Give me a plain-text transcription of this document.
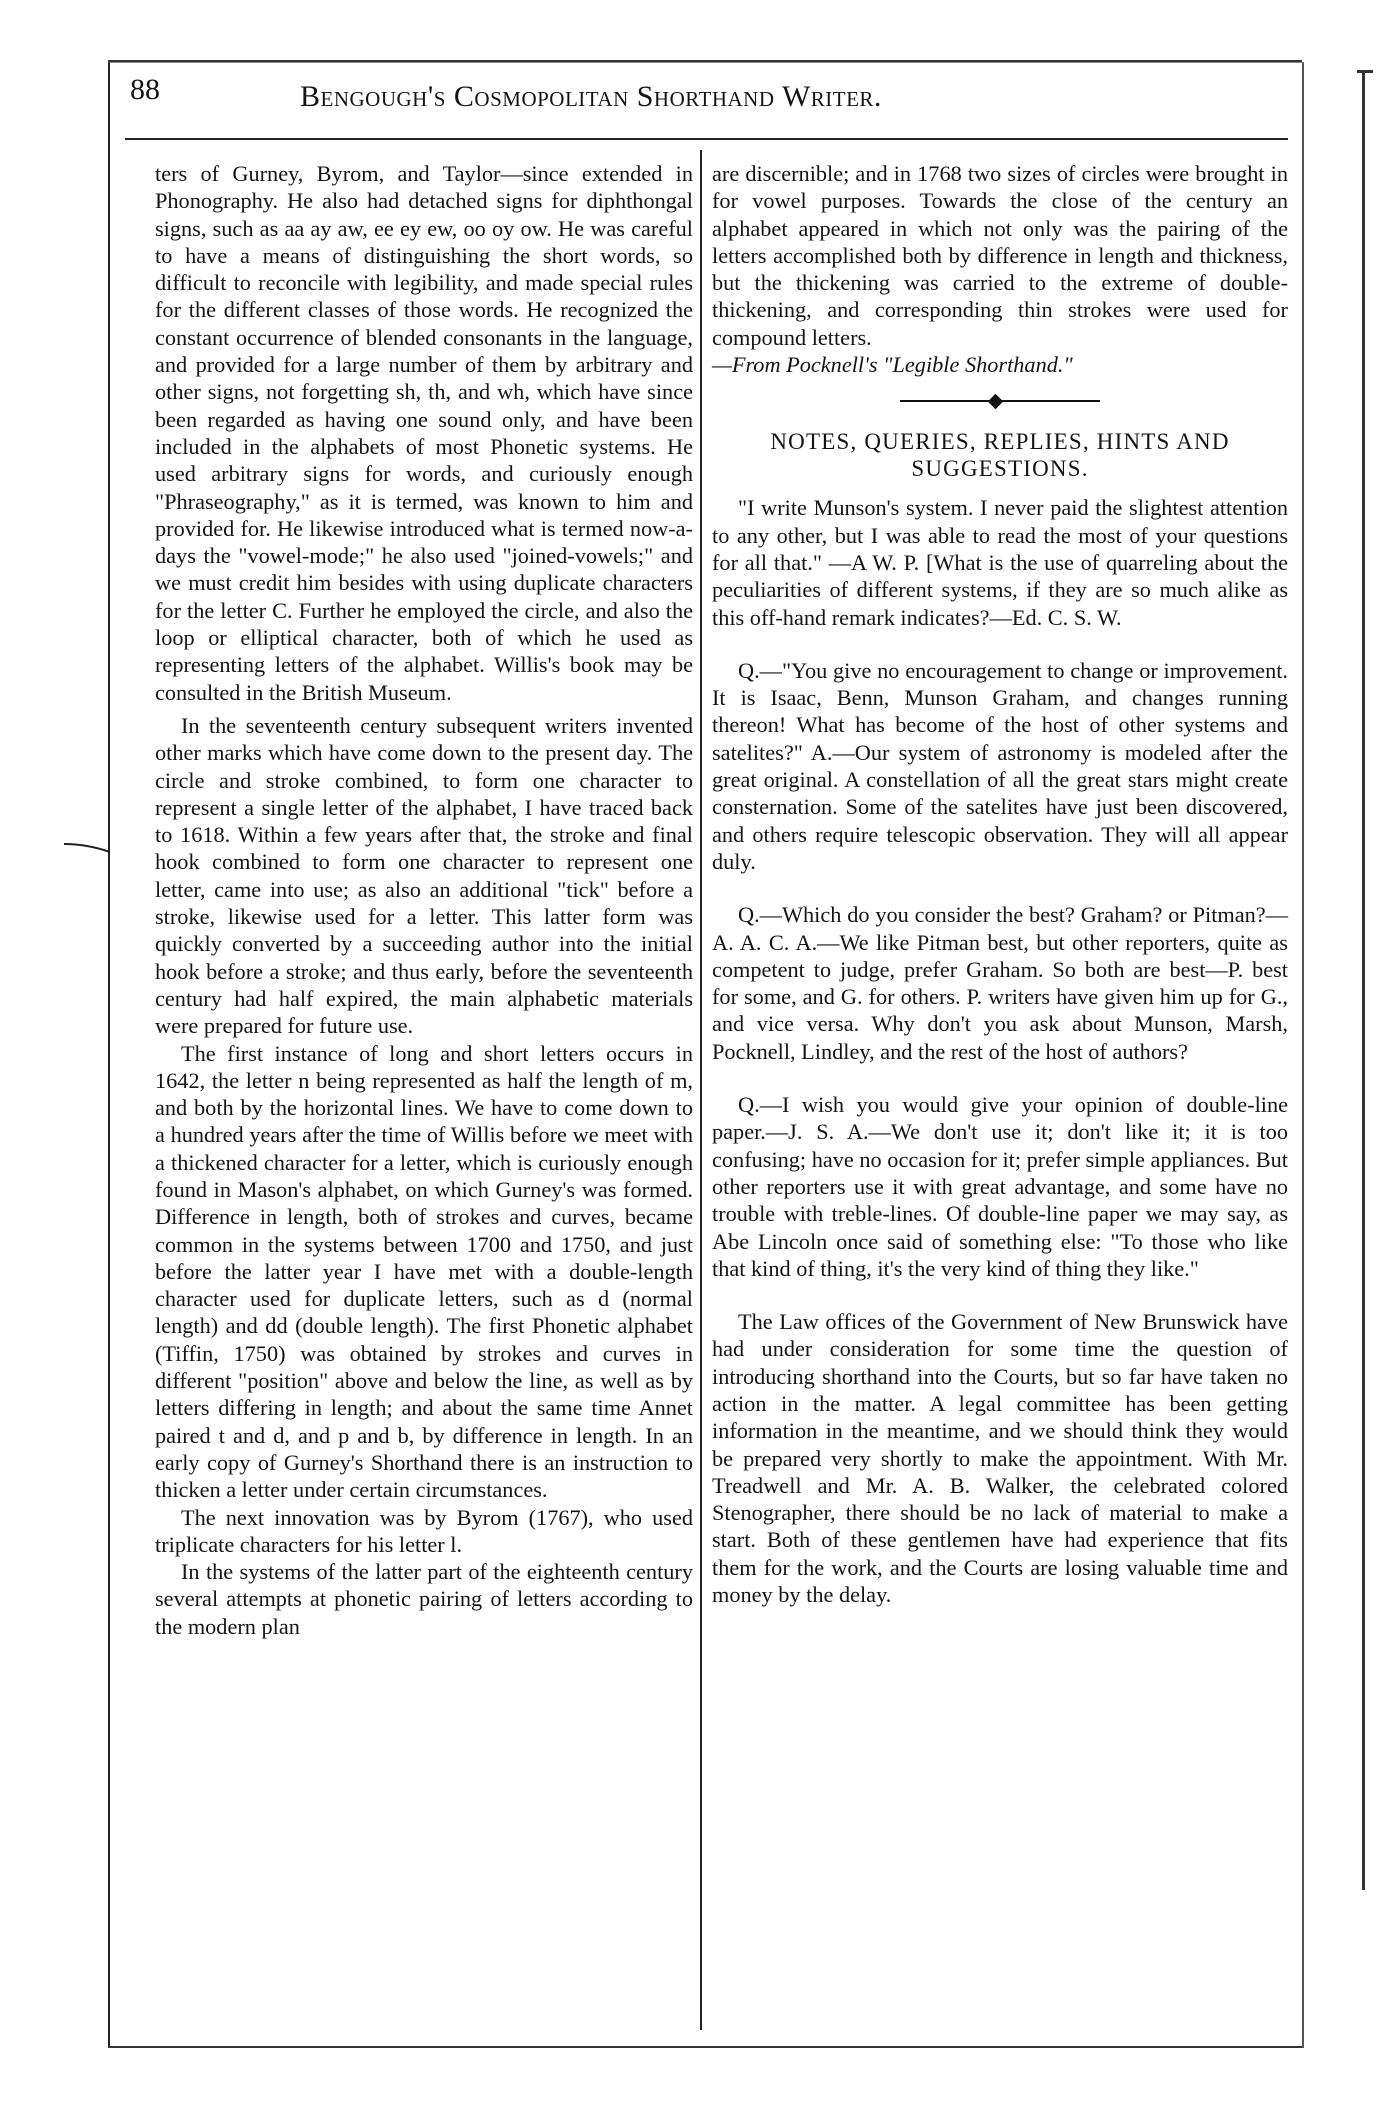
88	Bengough's Cosmopolitan Shorthand Writer.

ters of Gurney, Byrom, and Taylor—since extended in Phonography. He also had detached signs for diphthongal signs, such as aa ay aw, ee ey ew, oo oy ow. He was careful to have a means of distinguishing the short words, so difficult to reconcile with legibility, and made special rules for the different classes of those words. He recognized the constant occurrence of blended consonants in the language, and provided for a large number of them by arbitrary and other signs, not forgetting sh, th, and wh, which have since been regarded as having one sound only, and have been included in the alphabets of most Phonetic systems. He used arbitrary signs for words, and curiously enough "Phraseography," as it is termed, was known to him and provided for. He likewise introduced what is termed now-a-days the "vowel-mode;" he also used "joined-vowels;" and we must credit him besides with using duplicate characters for the letter C. Further he employed the circle, and also the loop or elliptical character, both of which he used as representing letters of the alphabet. Willis's book may be consulted in the British Museum.

In the seventeenth century subsequent writers invented other marks which have come down to the present day. The circle and stroke combined, to form one character to represent a single letter of the alphabet, I have traced back to 1618. Within a few years after that, the stroke and final hook combined to form one character to represent one letter, came into use; as also an additional "tick" before a stroke, likewise used for a letter. This latter form was quickly converted by a succeeding author into the initial hook before a stroke; and thus early, before the seventeenth century had half expired, the main alphabetic materials were prepared for future use.

The first instance of long and short letters occurs in 1642, the letter n being represented as half the length of m, and both by the horizontal lines. We have to come down to a hundred years after the time of Willis before we meet with a thickened character for a letter, which is curiously enough found in Mason's alphabet, on which Gurney's was formed. Difference in length, both of strokes and curves, became common in the systems between 1700 and 1750, and just before the latter year I have met with a double-length character used for duplicate letters, such as d (normal length) and dd (double length). The first Phonetic alphabet (Tiffin, 1750) was obtained by strokes and curves in different "position" above and below the line, as well as by letters differing in length; and about the same time Annet paired t and d, and p and b, by difference in length. In an early copy of Gurney's Shorthand there is an instruction to thicken a letter under certain circumstances.

The next innovation was by Byrom (1767), who used triplicate characters for his letter l.

In the systems of the latter part of the eighteenth century several attempts at phonetic pairing of letters according to the modern plan

are discernible; and in 1768 two sizes of circles were brought in for vowel purposes. Towards the close of the century an alphabet appeared in which not only was the pairing of the letters accomplished both by difference in length and thickness, but the thickening was carried to the extreme of double-thickening, and corresponding thin strokes were used for compound letters.

—From Pocknell's "Legible Shorthand."

NOTES, QUERIES, REPLIES, HINTS AND SUGGESTIONS.

"I write Munson's system. I never paid the slightest attention to any other, but I was able to read the most of your questions for all that." —A W. P. [What is the use of quarreling about the peculiarities of different systems, if they are so much alike as this off-hand remark indicates?—Ed. C. S. W.

Q.—"You give no encouragement to change or improvement. It is Isaac, Benn, Munson Graham, and changes running thereon! What has become of the host of other systems and satelites?" A.—Our system of astronomy is modeled after the great original. A constellation of all the great stars might create consternation. Some of the satelites have just been discovered, and others require telescopic observation. They will all appear duly.

Q.—Which do you consider the best? Graham? or Pitman?—A. A. C. A.—We like Pitman best, but other reporters, quite as competent to judge, prefer Graham. So both are best—P. best for some, and G. for others. P. writers have given him up for G., and vice versa. Why don't you ask about Munson, Marsh, Pocknell, Lindley, and the rest of the host of authors?

Q.—I wish you would give your opinion of double-line paper.—J. S. A.—We don't use it; don't like it; it is too confusing; have no occasion for it; prefer simple appliances. But other reporters use it with great advantage, and some have no trouble with treble-lines. Of double-line paper we may say, as Abe Lincoln once said of something else: "To those who like that kind of thing, it's the very kind of thing they like."

The Law offices of the Government of New Brunswick have had under consideration for some time the question of introducing shorthand into the Courts, but so far have taken no action in the matter. A legal committee has been getting information in the meantime, and we should think they would be prepared very shortly to make the appointment. With Mr. Treadwell and Mr. A. B. Walker, the celebrated colored Stenographer, there should be no lack of material to make a start. Both of these gentlemen have had experience that fits them for the work, and the Courts are losing valuable time and money by the delay.
